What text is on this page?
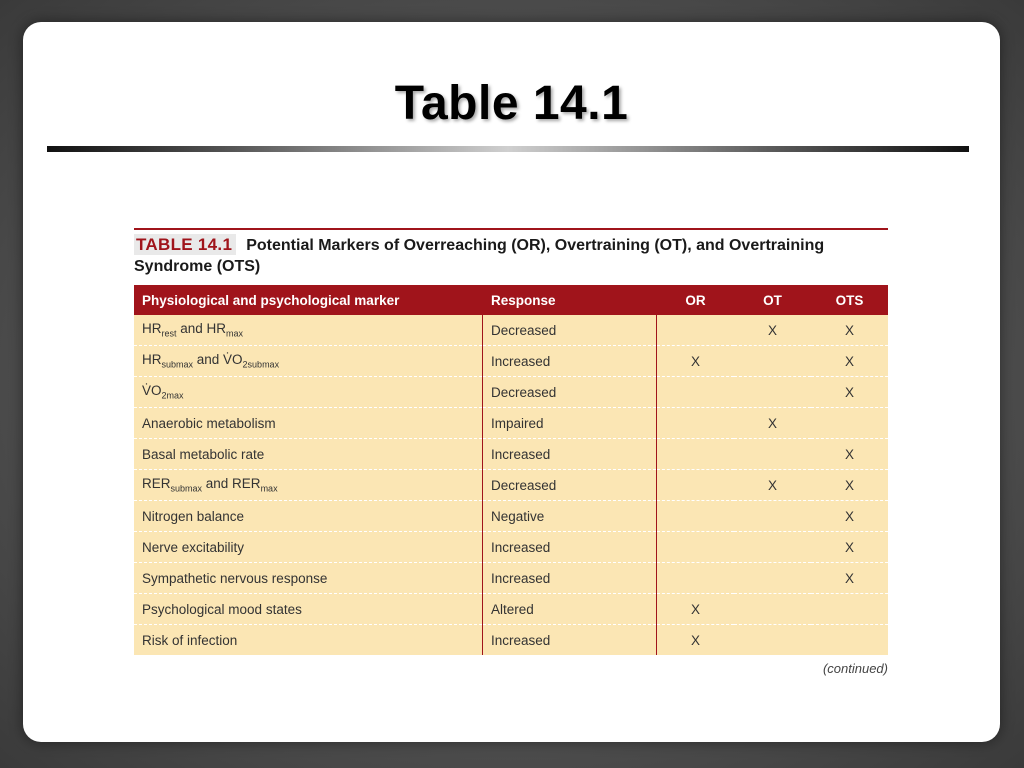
Table 14.1
TABLE 14.1 Potential Markers of Overreaching (OR), Overtraining (OT), and Overtraining Syndrome (OTS)
Physiological and psychological marker	Response	OR	OT	OTS
$HR_{rest}$ and $HR_{max}$	Decreased		X	X
$HR_{submax}$ and $V̇O_{2submax}$	Increased	X		X
$V̇O_{2max}$	Decreased			X
Anaerobic metabolism	Impaired		X	
Basal metabolic rate	Increased			X
$RER_{submax}$ and $RER_{max}$	Decreased		X	X
Nitrogen balance	Negative			X
Nerve excitability	Increased			X
Sympathetic nervous response	Increased			X
Psychological mood states	Altered	X		
Risk of infection	Increased	X		
(continued)
